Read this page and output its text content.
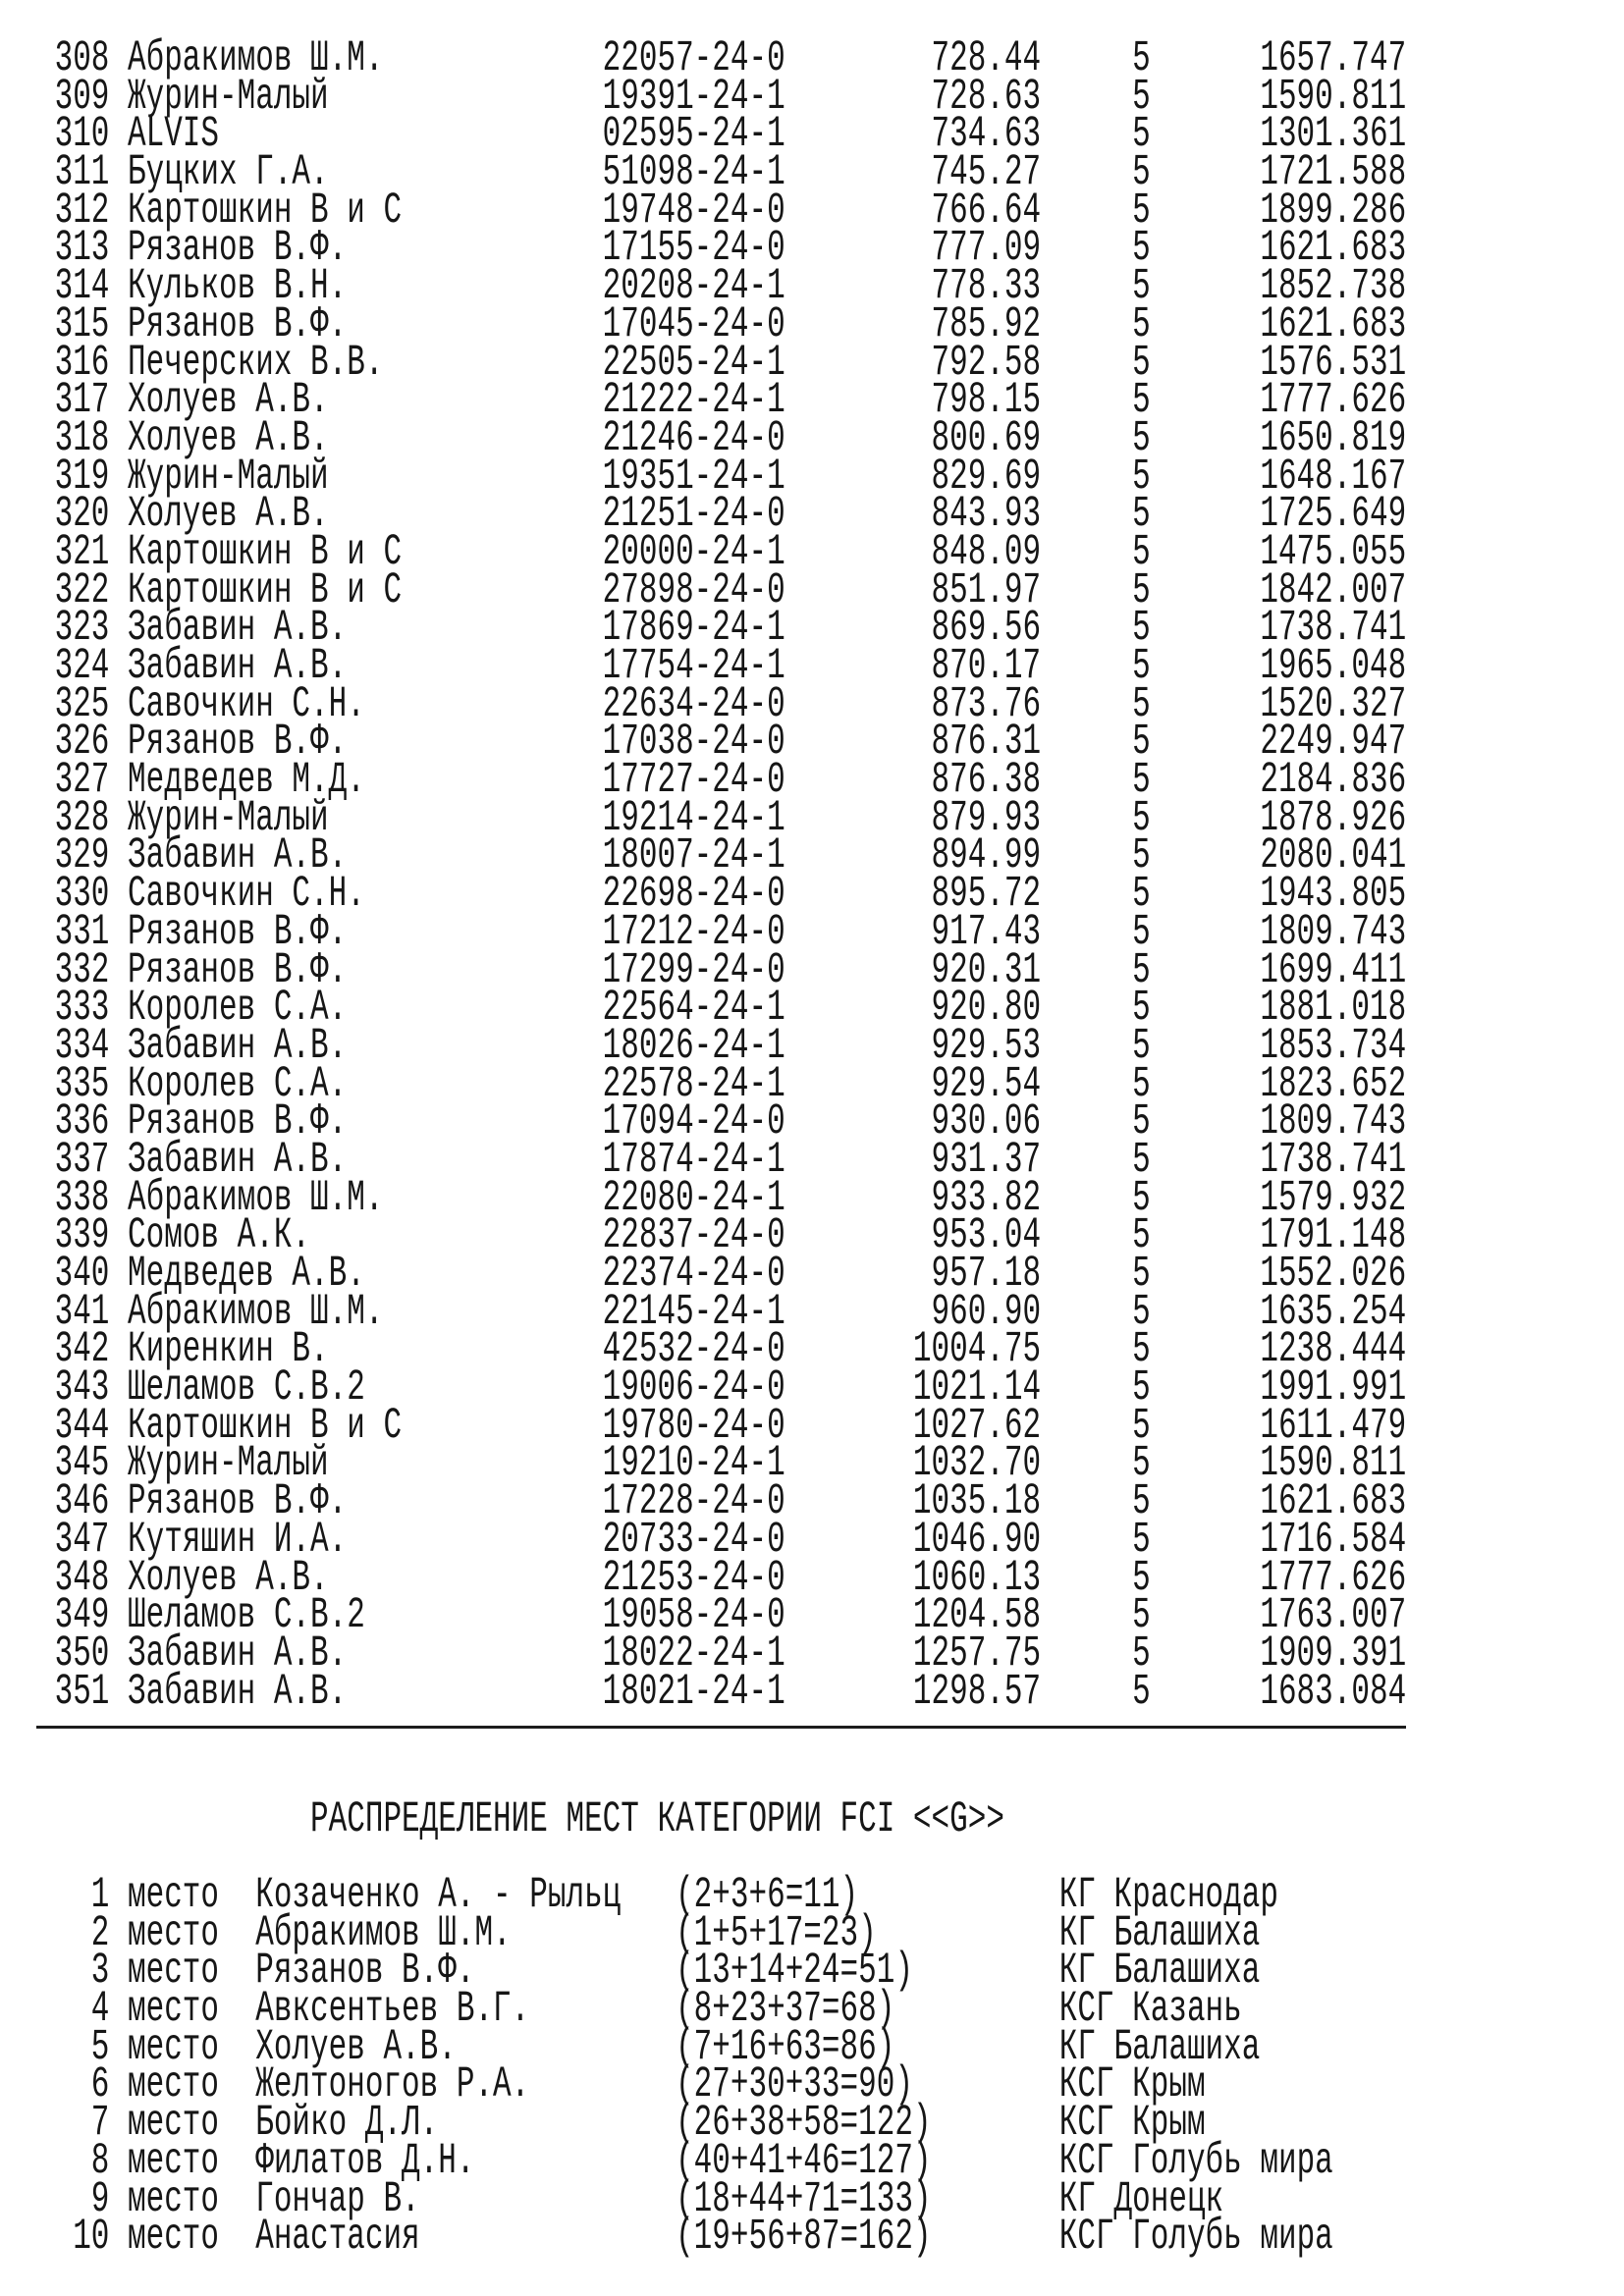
308 Абракимов Ш.М.	22057-24-0	728.44	5	1657.747
309 Журин-Малый	19391-24-1	728.63	5	1590.811
310 ALVIS	02595-24-1	734.63	5	1301.361
311 Буцких Г.А.	51098-24-1	745.27	5	1721.588
312 Картошкин В и С	19748-24-0	766.64	5	1899.286
313 Рязанов В.Ф.	17155-24-0	777.09	5	1621.683
314 Кульков В.Н.	20208-24-1	778.33	5	1852.738
315 Рязанов В.Ф.	17045-24-0	785.92	5	1621.683
316 Печерских В.В.	22505-24-1	792.58	5	1576.531
317 Холуев А.В.	21222-24-1	798.15	5	1777.626
318 Холуев А.В.	21246-24-0	800.69	5	1650.819
319 Журин-Малый	19351-24-1	829.69	5	1648.167
320 Холуев А.В.	21251-24-0	843.93	5	1725.649
321 Картошкин В и С	20000-24-1	848.09	5	1475.055
322 Картошкин В и С	27898-24-0	851.97	5	1842.007
323 Забавин А.В.	17869-24-1	869.56	5	1738.741
324 Забавин А.В.	17754-24-1	870.17	5	1965.048
325 Савочкин С.Н.	22634-24-0	873.76	5	1520.327
326 Рязанов В.Ф.	17038-24-0	876.31	5	2249.947
327 Медведев М.Д.	17727-24-0	876.38	5	2184.836
328 Журин-Малый	19214-24-1	879.93	5	1878.926
329 Забавин А.В.	18007-24-1	894.99	5	2080.041
330 Савочкин С.Н.	22698-24-0	895.72	5	1943.805
331 Рязанов В.Ф.	17212-24-0	917.43	5	1809.743
332 Рязанов В.Ф.	17299-24-0	920.31	5	1699.411
333 Королев С.А.	22564-24-1	920.80	5	1881.018
334 Забавин А.В.	18026-24-1	929.53	5	1853.734
335 Королев С.А.	22578-24-1	929.54	5	1823.652
336 Рязанов В.Ф.	17094-24-0	930.06	5	1809.743
337 Забавин А.В.	17874-24-1	931.37	5	1738.741
338 Абракимов Ш.М.	22080-24-1	933.82	5	1579.932
339 Сомов А.К.	22837-24-0	953.04	5	1791.148
340 Медведев А.В.	22374-24-0	957.18	5	1552.026
341 Абракимов Ш.М.	22145-24-1	960.90	5	1635.254
342 Киренкин В.	42532-24-0	1004.75	5	1238.444
343 Шеламов С.В.2	19006-24-0	1021.14	5	1991.991
344 Картошкин В и С	19780-24-0	1027.62	5	1611.479
345 Журин-Малый	19210-24-1	1032.70	5	1590.811
346 Рязанов В.Ф.	17228-24-0	1035.18	5	1621.683
347 Кутяшин И.А.	20733-24-0	1046.90	5	1716.584
348 Холуев А.В.	21253-24-0	1060.13	5	1777.626
349 Шеламов С.В.2	19058-24-0	1204.58	5	1763.007
350 Забавин А.В.	18022-24-1	1257.75	5	1909.391
351 Забавин А.В.	18021-24-1	1298.57	5	1683.084
РАСПРЕДЕЛЕНИЕ МЕСТ КАТЕГОРИИ FCI <<G>>
1 место Козаченко А. - Рыльц (2+3+6=11)	КГ Краснодар
2 место Абракимов Ш.М.	(1+5+17=23)	КГ Балашиха
3 место Рязанов В.Ф.	(13+14+24=51)	КГ Балашиха
4 место Авксентьев В.Г.	(8+23+37=68)	КСГ Казань
5 место Холуев А.В.	(7+16+63=86)	КГ Балашиха
6 место Желтоногов Р.А.	(27+30+33=90)	КСГ Крым
7 место Бойко Д.Л.	(26+38+58=122)	КСГ Крым
8 место Филатов Д.Н.	(40+41+46=127)	КСГ Голубь мира
9 место Гончар В.	(18+44+71=133)	КГ Донецк
10 место Анастасия	(19+56+87=162)	КСГ Голубь мира
